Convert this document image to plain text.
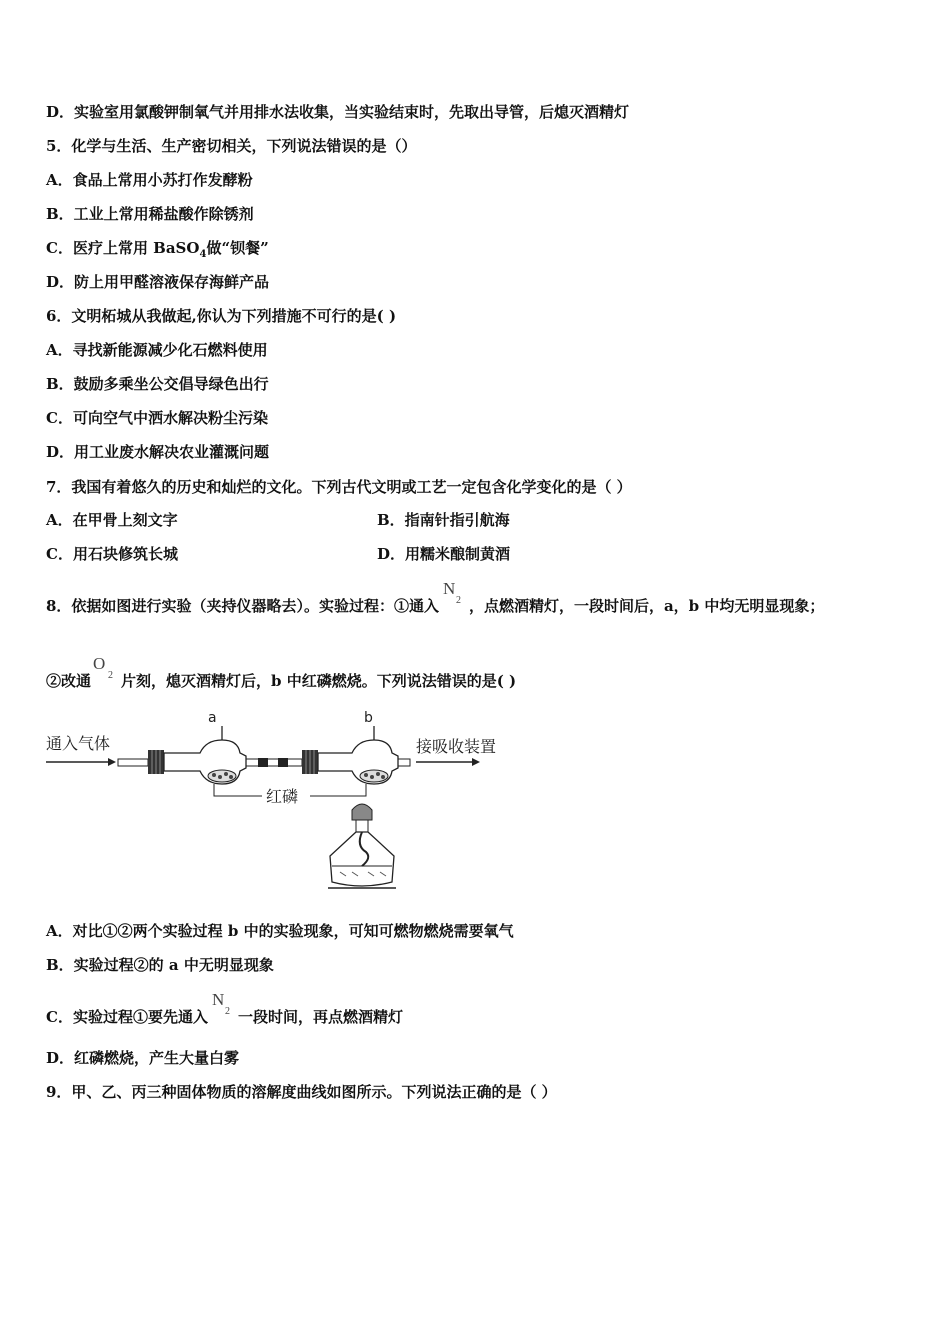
D．实验室用氯酸钾制氧气并用排水法收集，当实验结束时，先取出导管，后熄灭酒精灯
5．化学与生活、生产密切相关，下列说法错误的是（）
A．食品上常用小苏打作发酵粉
B．工业上常用稀盐酸作除锈剂
C．医疗上常用 BaSO$_4$做“钡餐”
D．防上用甲醛溶液保存海鲜产品
6．文明柘城从我做起,你认为下列措施不可行的是( )
A．寻找新能源减少化石燃料使用
B．鼓励多乘坐公交倡导绿色出行
C．可向空气中洒水解决粉尘污染
D．用工业废水解决农业灌溉问题
7．我国有着悠久的历史和灿烂的文化。下列古代文明或工艺一定包含化学变化的是（ ）
A．在甲骨上刻文字	B．指南针指引航海
C．用石块修筑长城	D．用糯米酿制黄酒
8．依据如图进行实验（夹持仪器略去）。实验过程：①通入
N
2 ，点燃酒精灯，一段时间后，a，b 中均无明显现象；
②改通
O
2 片刻，熄灭酒精灯后，b 中红磷燃烧。下列说法错误的是( )
通入气体
a	b
接吸收装置
红磷
A．对比①②两个实验过程 b 中的实验现象，可知可燃物燃烧需要氧气
B．实验过程②的 a 中无明显现象
C．实验过程①要先通入
N
2 一段时间，再点燃酒精灯
D．红磷燃烧，产生大量白雾
9．甲、乙、丙三种固体物质的溶解度曲线如图所示。下列说法正确的是（ ）
